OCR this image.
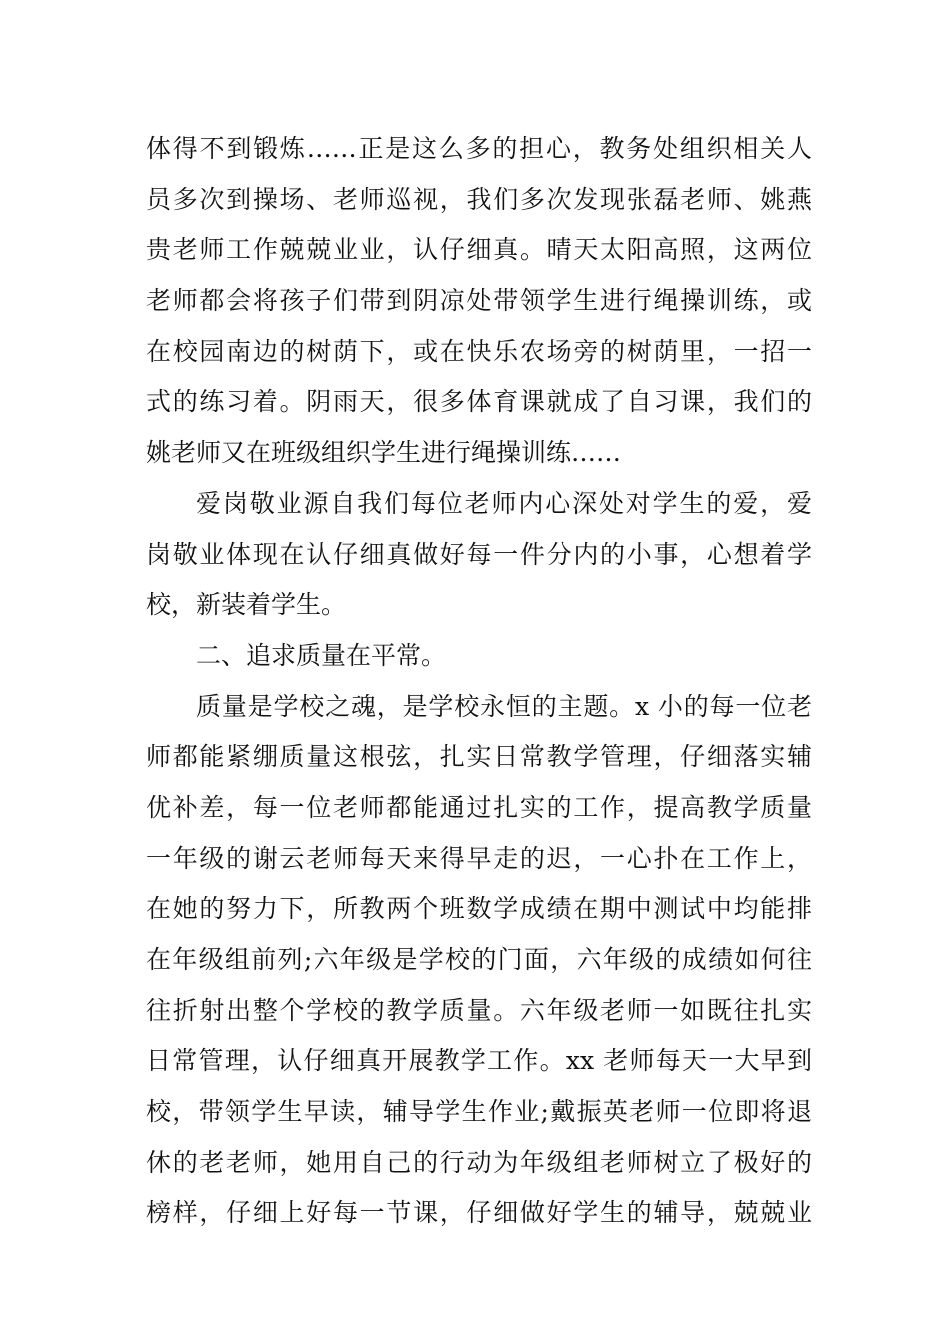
体得不到锻炼……正是这么多的担心，教务处组织相关人
员多次到操场、老师巡视，我们多次发现张磊老师、姚燕
贵老师工作兢兢业业，认仔细真。晴天太阳高照，这两位
老师都会将孩子们带到阴凉处带领学生进行绳操训练，或
在校园南边的树荫下，或在快乐农场旁的树荫里，一招一
式的练习着。阴雨天，很多体育课就成了自习课，我们的
姚老师又在班级组织学生进行绳操训练……
爱岗敬业源自我们每位老师内心深处对学生的爱，爱
岗敬业体现在认仔细真做好每一件分内的小事，心想着学
校，新装着学生。
二、追求质量在平常。
质量是学校之魂，是学校永恒的主题。x 小的每一位老
师都能紧绷质量这根弦，扎实日常教学管理，仔细落实辅
优补差，每一位老师都能通过扎实的工作，提高教学质量
一年级的谢云老师每天来得早走的迟，一心扑在工作上，
在她的努力下，所教两个班数学成绩在期中测试中均能排
在年级组前列;六年级是学校的门面，六年级的成绩如何往
往折射出整个学校的教学质量。六年级老师一如既往扎实
日常管理，认仔细真开展教学工作。xx 老师每天一大早到
校，带领学生早读，辅导学生作业;戴振英老师一位即将退
休的老老师，她用自己的行动为年级组老师树立了极好的
榜样，仔细上好每一节课，仔细做好学生的辅导，兢兢业
